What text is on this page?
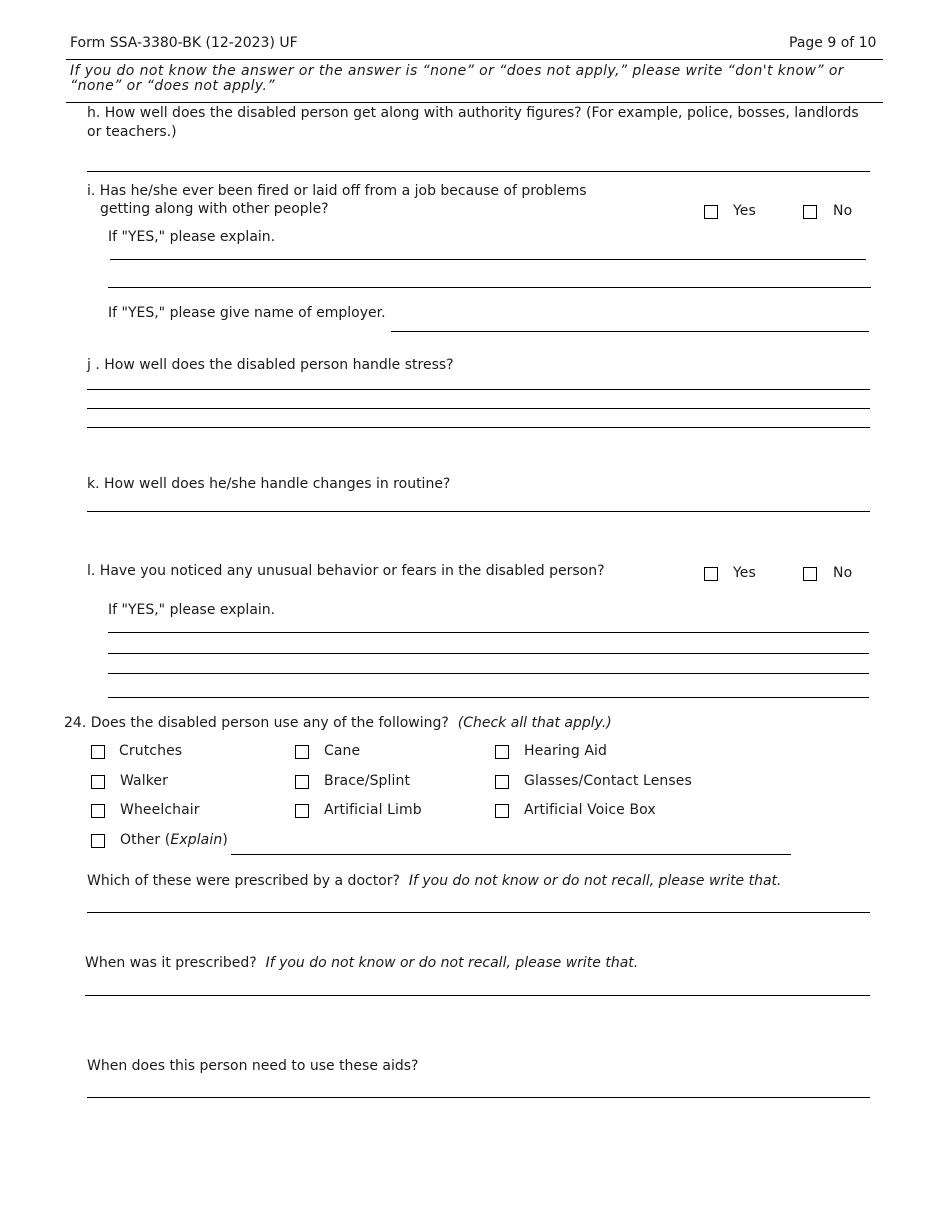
Form SSA-3380-BK (12-2023) UF	Page 9 of 10
If you do not know the answer or the answer is “none” or “does not apply,” please write “don't know” or “none” or “does not apply.”
h. How well does the disabled person get along with authority figures? (For example, police, bosses, landlords or teachers.)
i. Has he/she ever been fired or laid off from a job because of problems
getting along with other people?	Yes	No
If "YES," please explain.
If "YES," please give name of employer.
j . How well does the disabled person handle stress?
k. How well does he/she handle changes in routine?
l. Have you noticed any unusual behavior or fears in the disabled person?	Yes	No
If "YES," please explain.
24. Does the disabled person use any of the following? (Check all that apply.)
Crutches	Cane	Hearing Aid
Walker	Brace/Splint	Glasses/Contact Lenses
Wheelchair	Artificial Limb	Artificial Voice Box
Other (Explain)
Which of these were prescribed by a doctor? If you do not know or do not recall, please write that.
When was it prescribed? If you do not know or do not recall, please write that.
When does this person need to use these aids?
